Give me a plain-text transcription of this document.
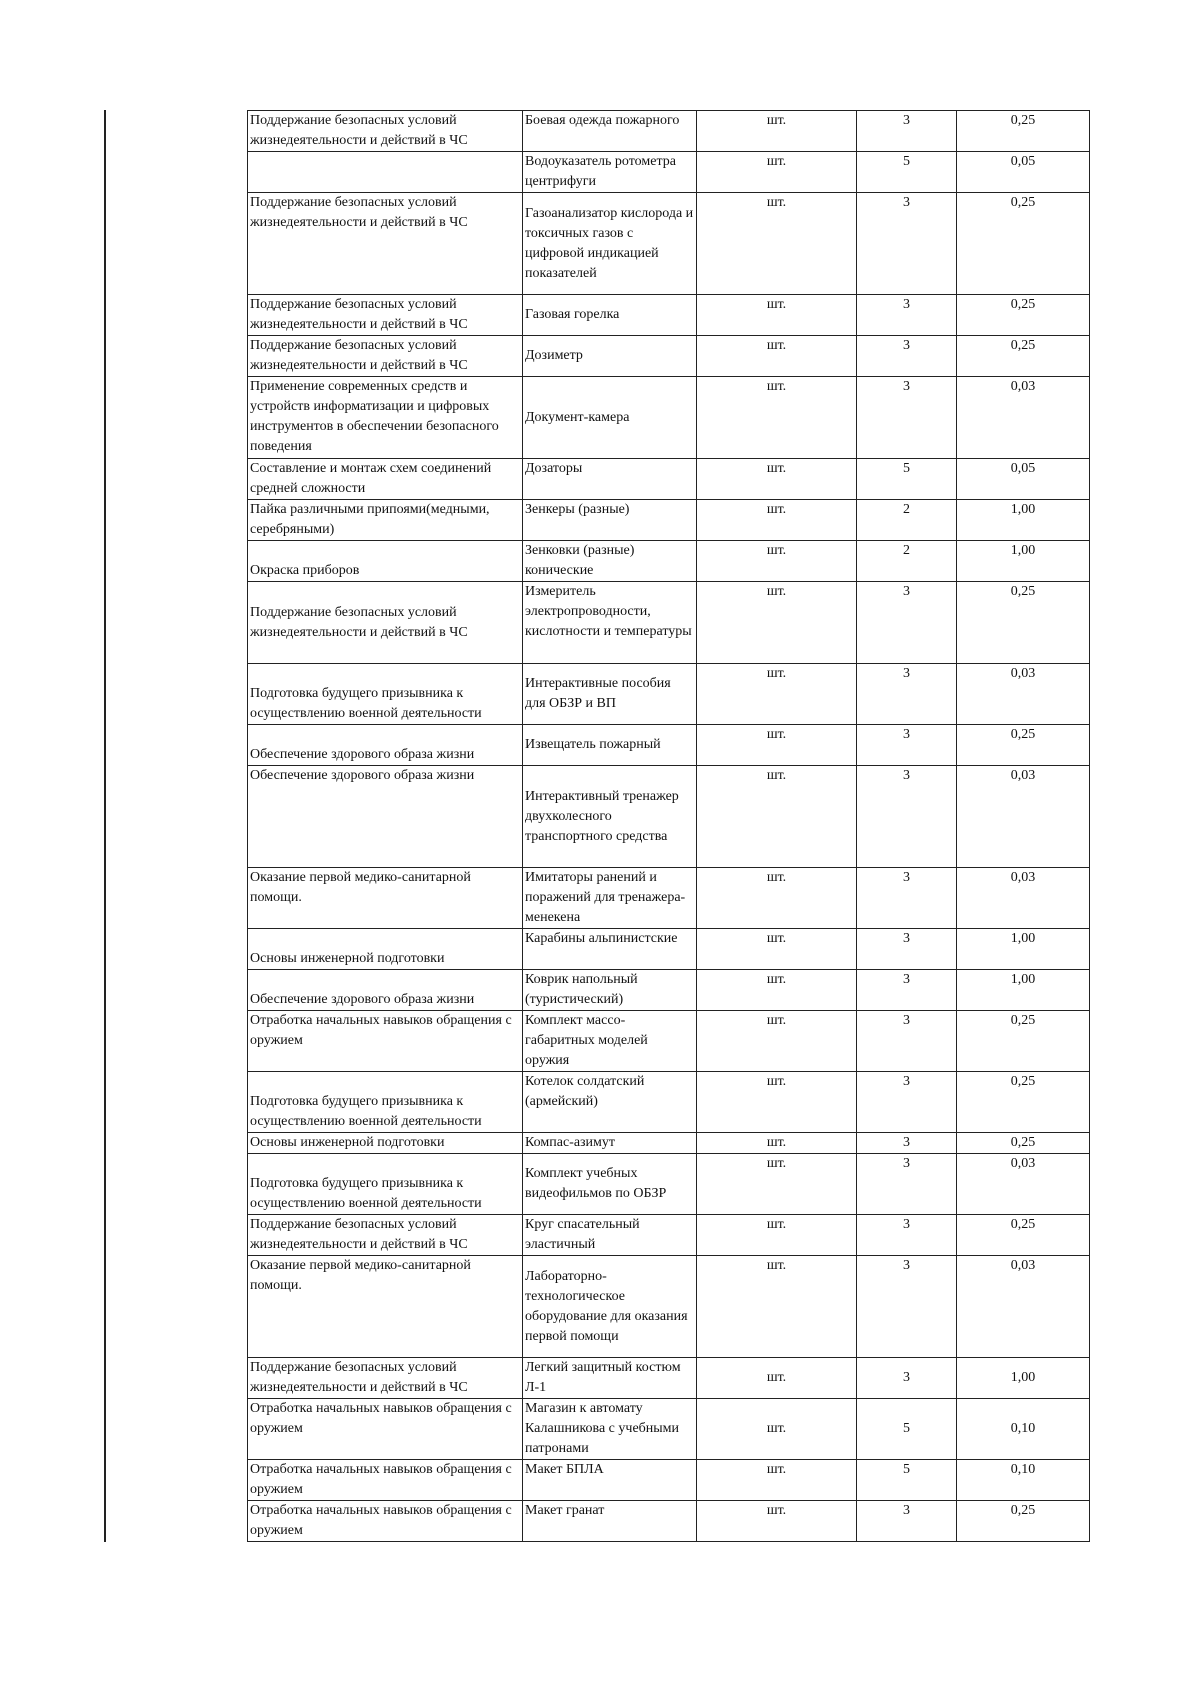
Поддержание безопасных условий жизнедеятельности и действий в ЧС	Боевая одежда пожарного	шт.	3	0,25
	Водоуказатель ротометра центрифуги	шт.	5	0,05
Поддержание безопасных условий жизнедеятельности и действий в ЧС	Газоанализатор кислорода и токсичных газов с цифровой индикацией показателей	шт.	3	0,25
Поддержание безопасных условий жизнедеятельности и действий в ЧС	Газовая горелка	шт.	3	0,25
Поддержание безопасных условий жизнедеятельности и действий в ЧС	Дозиметр	шт.	3	0,25
Применение современных средств и устройств информатизации и цифровых инструментов в обеспечении безопасного поведения	Документ-камера	шт.	3	0,03
Составление и монтаж схем соединений средней сложности	Дозаторы	шт.	5	0,05
Пайка различными припоями(медными, серебряными)	Зенкеры (разные)	шт.	2	1,00
Окраска приборов	Зенковки (разные) конические	шт.	2	1,00
Поддержание безопасных условий жизнедеятельности и действий в ЧС	Измеритель электропроводности, кислотности и температуры	шт.	3	0,25
Подготовка будущего призывника к осуществлению военной деятельности	Интерактивные пособия для ОБЗР и ВП	шт.	3	0,03
Обеспечение здорового образа жизни	Извещатель пожарный	шт.	3	0,25
Обеспечение здорового образа жизни	Интерактивный тренажер двухколесного транспортного средства	шт.	3	0,03
Оказание первой медико-санитарной помощи.	Имитаторы ранений и поражений для тренажера-менекена	шт.	3	0,03
Основы инженерной подготовки	Карабины альпинистские	шт.	3	1,00
Обеспечение здорового образа жизни	Коврик напольный (туристический)	шт.	3	1,00
Отработка начальных навыков обращения с оружием	Комплект массо-габаритных моделей оружия	шт.	3	0,25
Подготовка будущего призывника к осуществлению военной деятельности	Котелок солдатский (армейский)	шт.	3	0,25
Основы инженерной подготовки	Компас-азимут	шт.	3	0,25
Подготовка будущего призывника к осуществлению военной деятельности	Комплект учебных видеофильмов по ОБЗР	шт.	3	0,03
Поддержание безопасных условий жизнедеятельности и действий в ЧС	Круг спасательный эластичный	шт.	3	0,25
Оказание первой медико-санитарной помощи.	Лабораторно-технологическое оборудование для оказания первой помощи	шт.	3	0,03
Поддержание безопасных условий жизнедеятельности и действий в ЧС	Легкий защитный костюм Л-1	шт.	3	1,00
Отработка начальных навыков обращения с оружием	Магазин к автомату Калашникова с учебными патронами	шт.	5	0,10
Отработка начальных навыков обращения с оружием	Макет БПЛА	шт.	5	0,10
Отработка начальных навыков обращения с оружием	Макет гранат	шт.	3	0,25
